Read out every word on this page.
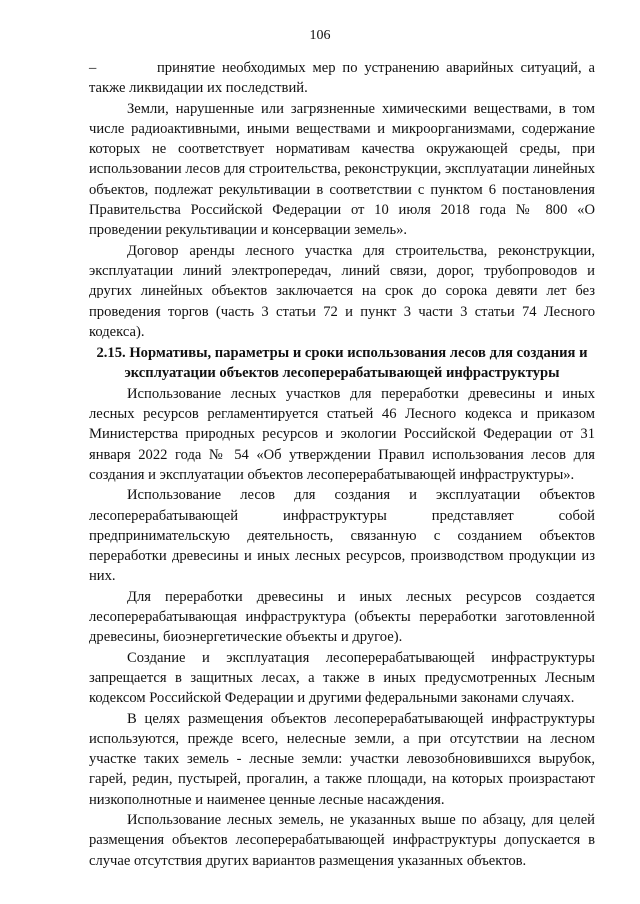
106

–	принятие необходимых мер по устранению аварийных ситуаций, а также ликвидации их последствий.

Земли, нарушенные или загрязненные химическими веществами, в том числе радиоактивными, иными веществами и микроорганизмами, содержание которых не соответствует нормативам качества окружающей среды, при использовании лесов для строительства, реконструкции, эксплуатации линейных объектов, подлежат рекультивации в соответствии с пунктом 6 постановления Правительства Российской Федерации от 10 июля 2018 года № 800 «О проведении рекультивации и консервации земель».

Договор аренды лесного участка для строительства, реконструкции, эксплуатации линий электропередач, линий связи, дорог, трубопроводов и других линейных объектов заключается на срок до сорока девяти лет без проведения торгов (часть 3 статьи 72 и пункт 3 части 3 статьи 74 Лесного кодекса).

2.15. Нормативы, параметры и сроки использования лесов для создания и эксплуатации объектов лесоперерабатывающей инфраструктуры

Использование лесных участков для переработки древесины и иных лесных ресурсов регламентируется статьей 46 Лесного кодекса и приказом Министерства природных ресурсов и экологии Российской Федерации от 31 января 2022 года № 54 «Об утверждении Правил использования лесов для создания и эксплуатации объектов лесоперерабатывающей инфраструктуры».

Использование лесов для создания и эксплуатации объектов лесоперерабатывающей инфраструктуры представляет собой предпринимательскую деятельность, связанную с созданием объектов переработки древесины и иных лесных ресурсов, производством продукции из них.

Для переработки древесины и иных лесных ресурсов создается лесоперерабатывающая инфраструктура (объекты переработки заготовленной древесины, биоэнергетические объекты и другое).

Создание и эксплуатация лесоперерабатывающей инфраструктуры запрещается в защитных лесах, а также в иных предусмотренных Лесным кодексом Российской Федерации и другими федеральными законами случаях.

В целях размещения объектов лесоперерабатывающей инфраструктуры используются, прежде всего, нелесные земли, а при отсутствии на лесном участке таких земель - лесные земли: участки левозобновившихся вырубок, гарей, редин, пустырей, прогалин, а также площади, на которых произрастают низкополнотные и наименее ценные лесные насаждения.

Использование лесных земель, не указанных выше по абзацу, для целей размещения объектов лесоперерабатывающей инфраструктуры допускается в случае отсутствия других вариантов размещения указанных объектов.
